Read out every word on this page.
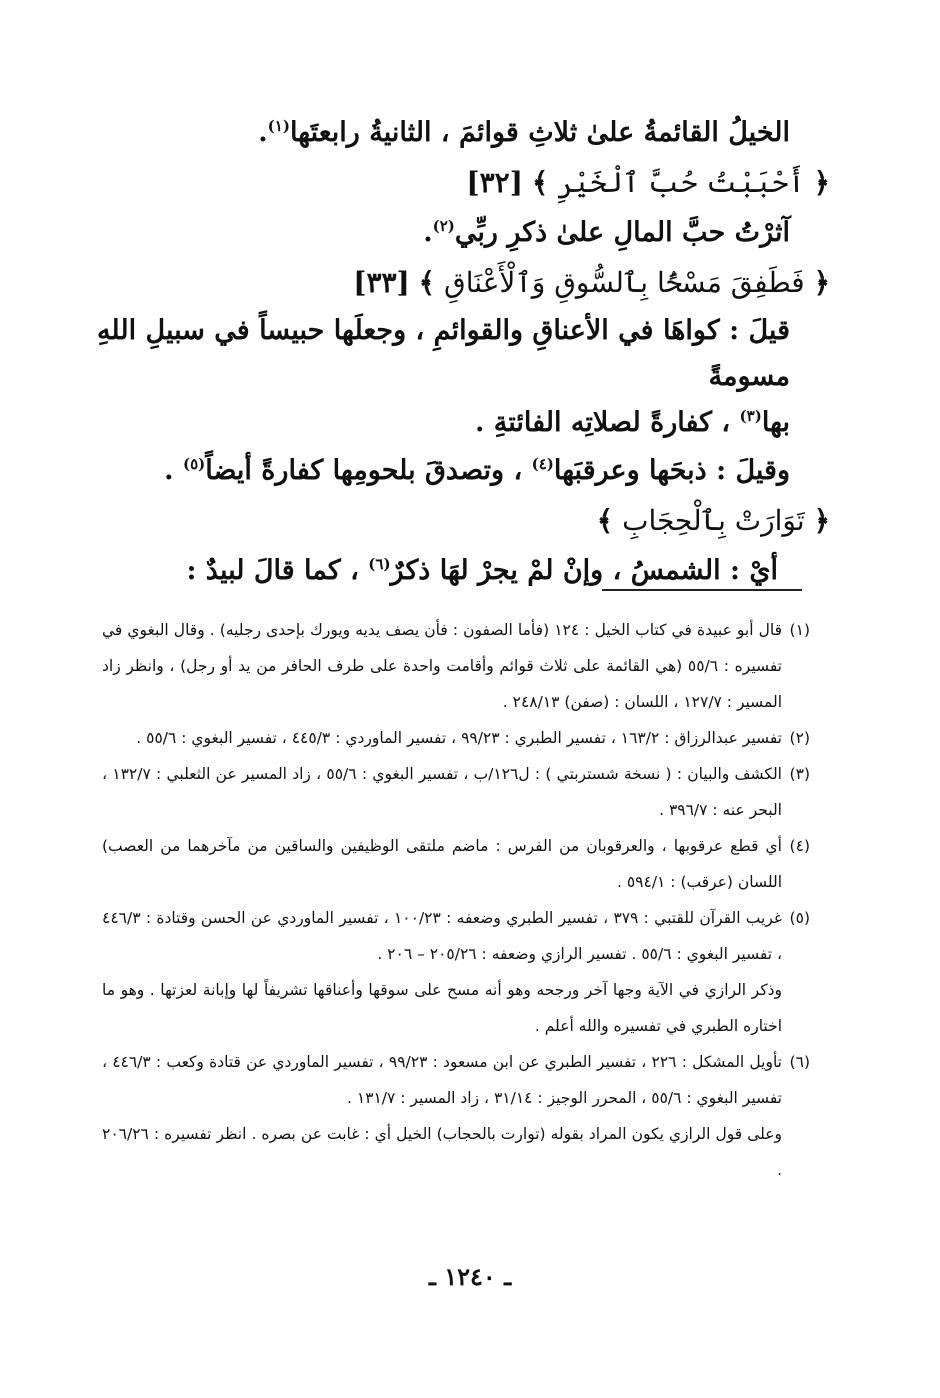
الخيلُ القائمةُ علىٰ ثلاثِ قوائمَ ، الثانيةُ رابعتَها$^{(١)}$.

﴿ أَحْبَبْتُ حُبَّ ٱلْخَيْرِ ﴾ [٣٢]

آثرْتُ حبَّ المالِ علىٰ ذكرِ ربِّي$^{(٢)}$.

﴿ فَطَفِقَ مَسْحًۢا بِٱلسُّوقِ وَٱلْأَعْنَاقِ ﴾ [٣٣]

قيلَ : كواهَا في الأعناقِ والقوائمِ ، وجعلَها حبيساً في سبيلِ اللهِ مسومةً
بها$^{(٣)}$ ، كفارةً لصلاتِه الفائتةِ .

وقيلَ : ذبحَها وعرقبَها$^{(٤)}$ ، وتصدقَ بلحومِها كفارةً أيضاً$^{(٥)}$ .

﴿ تَوَارَتْ بِٱلْحِجَابِ ﴾

أيْ : الشمسُ ، وإنْ لمْ يجرْ لهَا ذكرٌ$^{(٦)}$ ، كما قالَ لبيدٌ :

(١)
قال أبو عبيدة في كتاب الخيل : ١٢٤ (فأما الصفون : فأن يصف يديه ويورك بإحدى رجليه) . وقال البغوي في تفسيره : ٥٥/٦ (هي القائمة على ثلاث قوائم وأقامت واحدة على طرف الحافر من يد أو رجل) ، وانظر زاد المسير : ١٢٧/٧ ، اللسان : (صفن) ٢٤٨/١٣ .
(٢)
تفسير عبدالرزاق : ١٦٣/٢ ، تفسير الطبري : ٩٩/٢٣ ، تفسير الماوردي : ٤٤٥/٣ ، تفسير البغوي : ٥٥/٦ .
(٣)
الكشف والبيان : ( نسخة شستربتي ) : ل١٢٦/ب ، تفسير البغوي : ٥٥/٦ ، زاد المسير عن الثعلبي : ١٣٢/٧ ، البحر عنه : ٣٩٦/٧ .
(٤)
أي قطع عرقوبها ، والعرقوبان من الفرس : ماضم ملتقى الوظيفين والساقين من مآخرهما من العصب) اللسان (عرقب) : ٥٩٤/١ .
(٥)
غريب القرآن للقتبي : ٣٧٩ ، تفسير الطبري وضعفه : ١٠٠/٢٣ ، تفسير الماوردي عن الحسن وقتادة : ٤٤٦/٣ ، تفسير البغوي : ٥٥/٦ . تفسير الرازي وضعفه : ٢٠٥/٢٦ – ٢٠٦ .
وذكر الرازي في الآية وجها آخر ورجحه وهو أنه مسح على سوقها وأعناقها تشريفاً لها وإبانة لعزتها . وهو ما اختاره الطبري في تفسيره والله أعلم .
(٦)
تأويل المشكل : ٢٢٦ ، تفسير الطبري عن ابن مسعود : ٩٩/٢٣ ، تفسير الماوردي عن قتادة وكعب : ٤٤٦/٣ ، تفسير البغوي : ٥٥/٦ ، المحرر الوجيز : ٣١/١٤ ، زاد المسير : ١٣١/٧ .
وعلى قول الرازي يكون المراد بقوله (توارت بالحجاب) الخيل أي : غابت عن بصره . انظر تفسيره : ٢٠٦/٢٦ .
ـ ١٢٤٠ ـ
